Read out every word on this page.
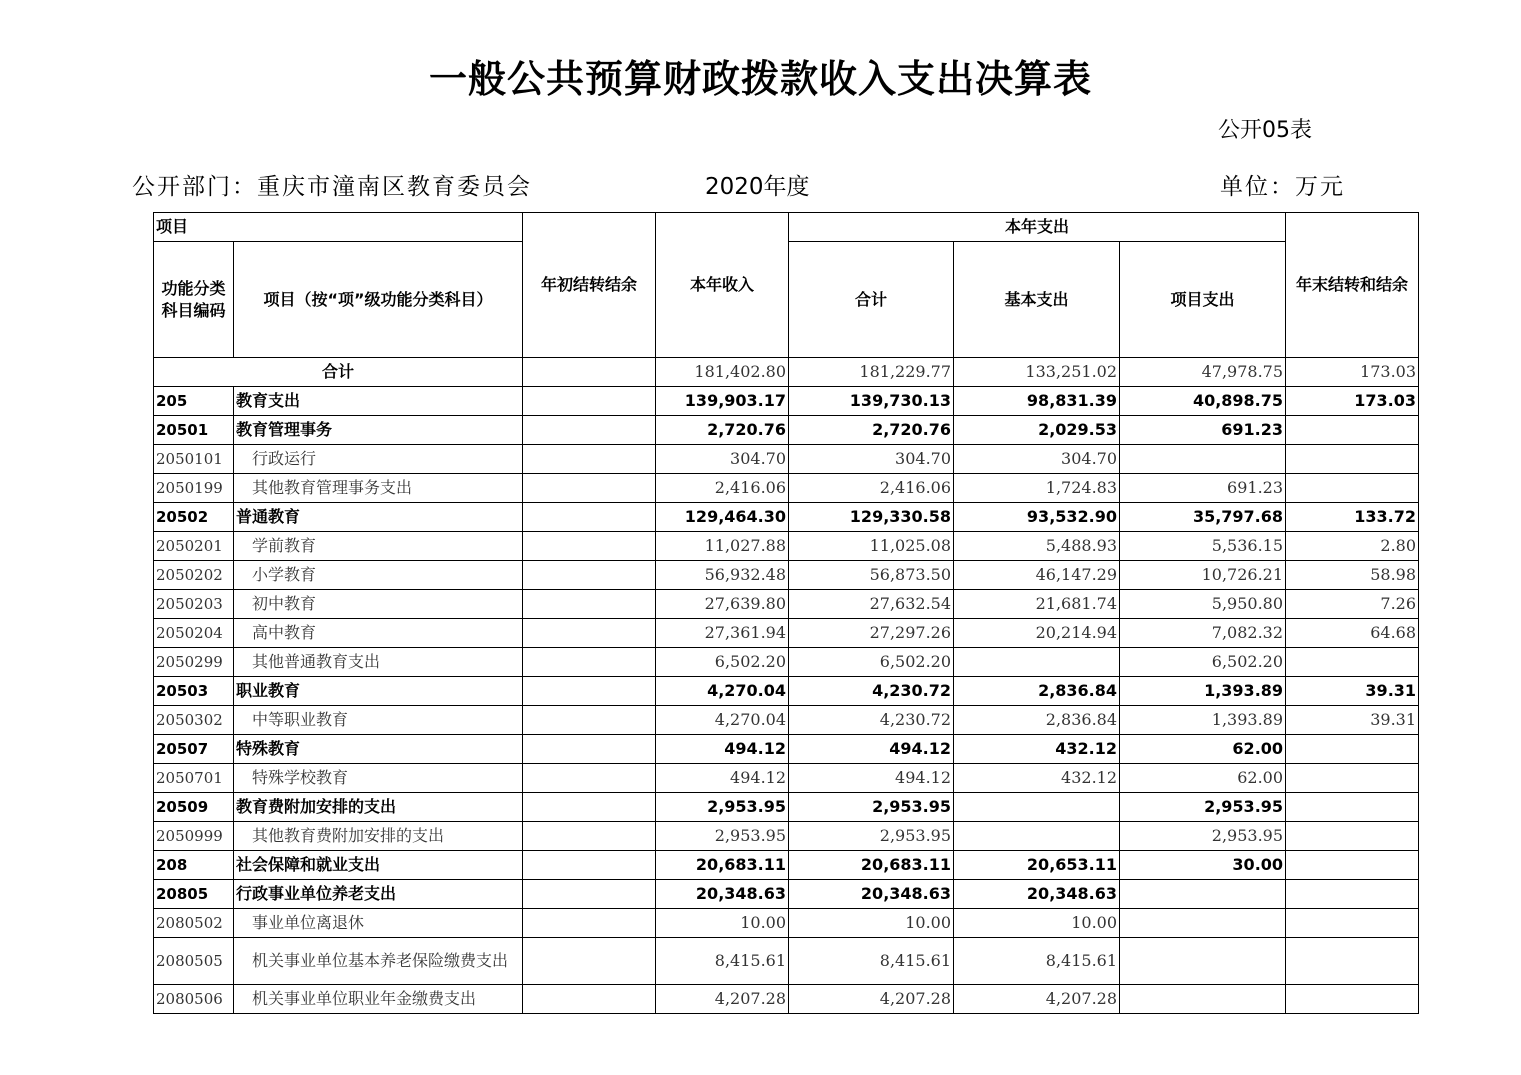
一般公共预算财政拨款收入支出决算表
公开05表
公开部门：重庆市潼南区教育委员会	2020年度	单位：万元
项目		年初结转结余	本年收入	本年支出			年末结转和结余
功能分类科目编码	项目（按“项”级功能分类科目）			合计	基本支出	项目支出	
合计			181,402.80	181,229.77	133,251.02	47,978.75	173.03
205	教育支出		139,903.17	139,730.13	98,831.39	40,898.75	173.03
20501	教育管理事务		2,720.76	2,720.76	2,029.53	691.23	
2050101	行政运行		304.70	304.70	304.70		
2050199	其他教育管理事务支出		2,416.06	2,416.06	1,724.83	691.23	
20502	普通教育		129,464.30	129,330.58	93,532.90	35,797.68	133.72
2050201	学前教育		11,027.88	11,025.08	5,488.93	5,536.15	2.80
2050202	小学教育		56,932.48	56,873.50	46,147.29	10,726.21	58.98
2050203	初中教育		27,639.80	27,632.54	21,681.74	5,950.80	7.26
2050204	高中教育		27,361.94	27,297.26	20,214.94	7,082.32	64.68
2050299	其他普通教育支出		6,502.20	6,502.20		6,502.20	
20503	职业教育		4,270.04	4,230.72	2,836.84	1,393.89	39.31
2050302	中等职业教育		4,270.04	4,230.72	2,836.84	1,393.89	39.31
20507	特殊教育		494.12	494.12	432.12	62.00	
2050701	特殊学校教育		494.12	494.12	432.12	62.00	
20509	教育费附加安排的支出		2,953.95	2,953.95		2,953.95	
2050999	其他教育费附加安排的支出		2,953.95	2,953.95		2,953.95	
208	社会保障和就业支出		20,683.11	20,683.11	20,653.11	30.00	
20805	行政事业单位养老支出		20,348.63	20,348.63	20,348.63		
2080502	事业单位离退休		10.00	10.00	10.00		
2080505	机关事业单位基本养老保险缴费支出		8,415.61	8,415.61	8,415.61		
2080506	机关事业单位职业年金缴费支出		4,207.28	4,207.28	4,207.28		
